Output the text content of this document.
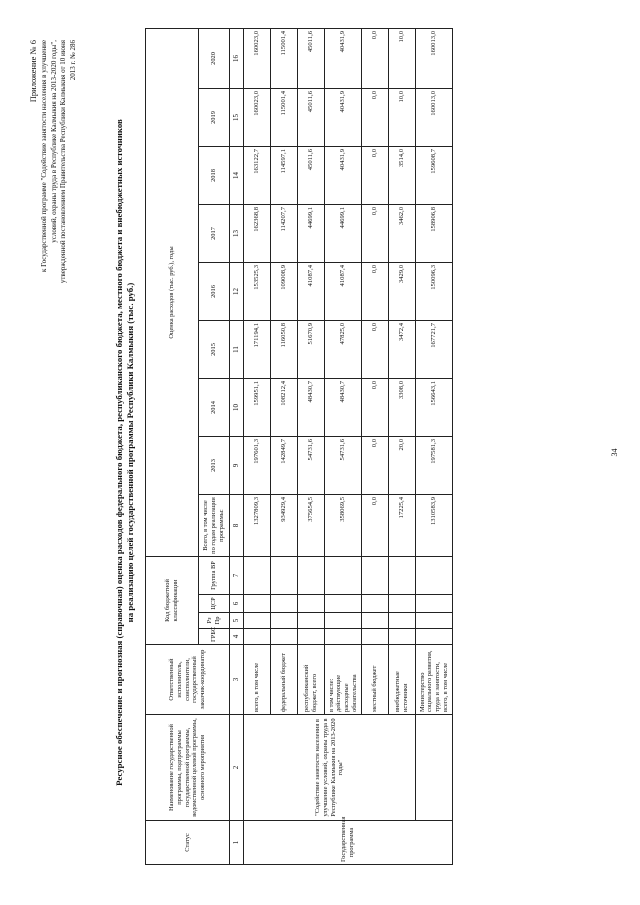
Приложение № 6 к Государственной программе "Содействие занятости населения в улучшение условий, охраны труда в Республике Калмыкия на 2013-2020 годы", утвержденной постановлением Правительства Республики Калмыкия от 10 июня 2013 г. № 286
Ресурсное обеспечение и прогнозная (справочная) оценка расходов федерального бюджета, республиканского бюджета, местного бюджета и внебюджетных источников на реализацию целей государственной программы Республики Калмыкия (тыс. руб.)
Статус	Наименование государственной программы, подпрограммы государственной программы, ведомственной целевой программы, основного мероприятия	Ответственный исполнитель, соисполнители, государственный заказчик-координатор	Код бюджетной классификации				Оценка расходов (тыс. руб.), годы								
			ГРБС	Рз Пр	ЦСР	Группа ВР	Всего, в том числе по годам реализации программы:	2013	2014	2015	2016	2017	2018	2019	2020
1	2	3	4	5	6	7	8	9	10	11	12	13	14	15	16
Государственная программа	"Содействие занятости населения в улучшение условий, охраны труда в Республике Калмыкия на 2013-2020 годы"	всего, в том числе					1327809,3	197601,3	159951,1	171194,1	153525,3	162368,8	163122,7	160023,0	160023,0
		федеральный бюджет					934929,4	142849,7	108212,4	116050,8	109008,9	114207,7	114597,1	115001,4	115001,4
		республиканский бюджет, всего					375654,5	54731,6	48430,7	51670,9	41087,4	44699,1	45011,6	45011,6	45011,6
		в том числе: действующие расходные обязательства					358069,5	54731,6	48430,7	47825,0	41087,4	44699,1	40431,9	40431,9	40431,9
		местный бюджет					0,0	0,0	0,0	0,0	0,0	0,0	0,0	0,0	0,0
		внебюджетные источники					17225,4	20,0	3308,0	3472,4	3429,0	3462,0	3514,0	10,0	10,0
		Министерство социального развития, труда и занятости, всего, в том числе					1310583,9	197581,3	156643,1	167721,7	150096,3	158906,8	159608,7	160013,0	160013,0
34
